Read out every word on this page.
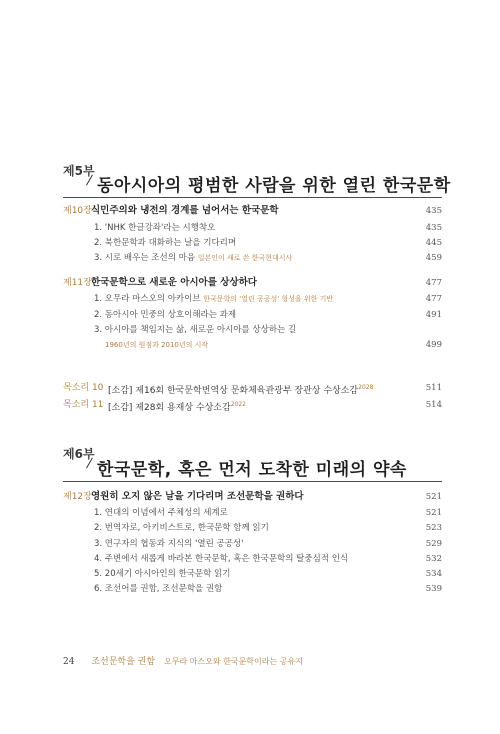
제5부
동아시아의 평범한 사람을 위한 열린 한국문학
제10장 식민주의와 냉전의 경계를 넘어서는 한국문학	435
1. 'NHK 한글강좌'라는 시행착오	435
2. 북한문학과 대화하는 날을 기다리며	445
3. 시로 배우는 조선의 마음 일본인이 새로 쓴 한국현대시사	459
제11장 한국문학으로 새로운 아시아를 상상하다	477
1. 오무라 마스오의 아카이브 한국문학의 '열린 공공성' 형성을 위한 기반	477
2. 동아시아 민중의 상호이해라는 과제	491
3. 아시아를 책임지는 삶, 새로운 아시아를 상상하는 길
1960년의 원점과 2010년의 시작	499
목소리 10 [소감] 제16회 한국문학번역상 문화체육관광부 장관상 수상소감$^{2028}$	511
목소리 11 [소감] 제28회 용재상 수상소감$^{2022}$	514
제6부
한국문학, 혹은 먼저 도착한 미래의 약속
제12장 영원히 오지 않은 날을 기다리며 조선문학을 권하다	521
1. 연대의 이념에서 주체성의 세계로	521
2. 번역자로, 아키비스트로, 한국문학 함께 읽기	523
3. 연구자의 협동과 지식의 '열린 공공성'	529
4. 주변에서 새롭게 바라본 한국문학, 혹은 한국문학의 탈중심적 인식	532
5. 20세기 아시아인의 한국문학 읽기	534
6. 조선어를 권함, 조선문학을 권함	539
24 조선문학을 권함 오무라 마스오와 한국문학이라는 공유지
